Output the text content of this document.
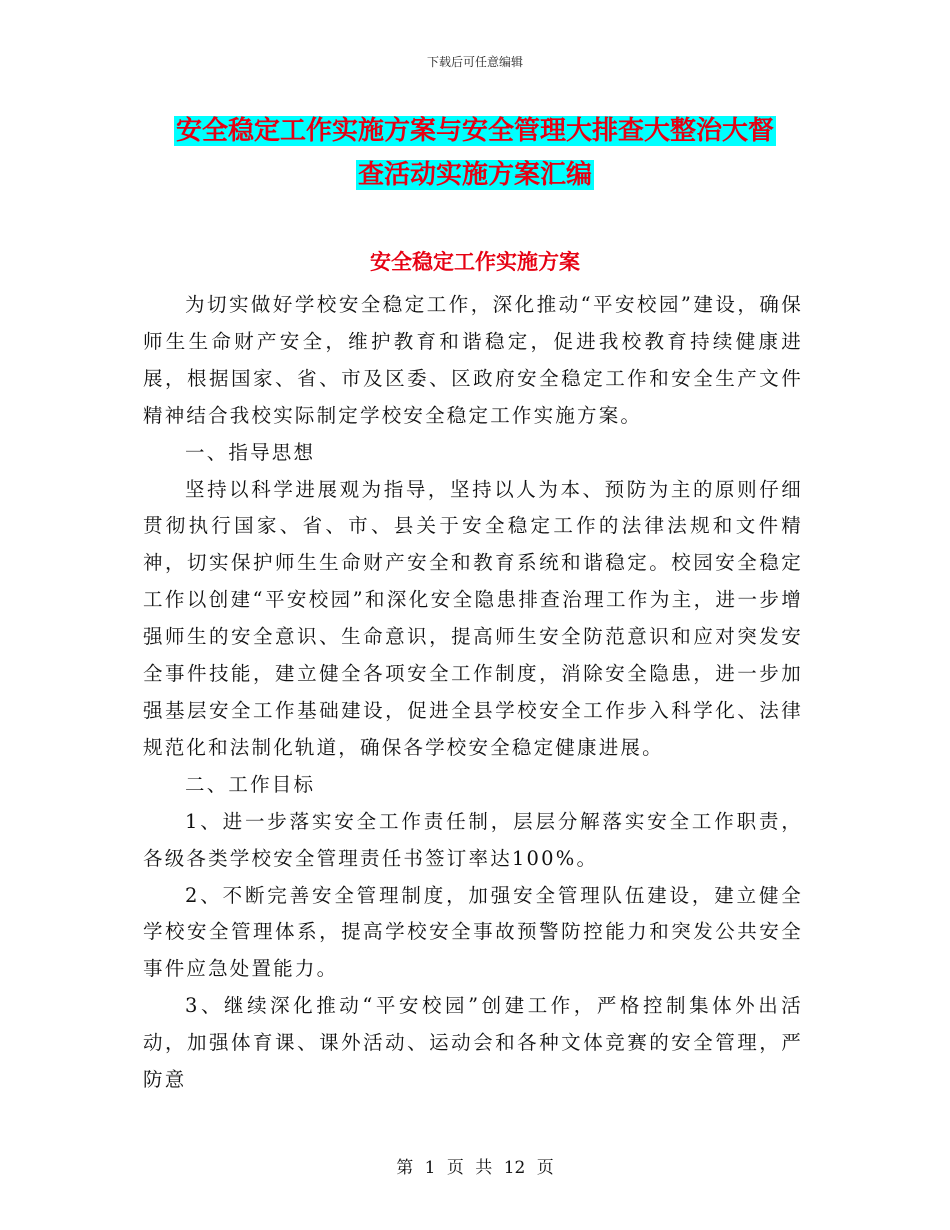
下载后可任意编辑
安全稳定工作实施方案与安全管理大排查大整治大督
查活动实施方案汇编
安全稳定工作实施方案

为切实做好学校安全稳定工作，深化推动“平安校园”建设，确保师生生命财产安全，维护教育和谐稳定，促进我校教育持续健康进展，根据国家、省、市及区委、区政府安全稳定工作和安全生产文件精神结合我校实际制定学校安全稳定工作实施方案。

一、指导思想

坚持以科学进展观为指导，坚持以人为本、预防为主的原则仔细贯彻执行国家、省、市、县关于安全稳定工作的法律法规和文件精神，切实保护师生生命财产安全和教育系统和谐稳定。校园安全稳定工作以创建“平安校园”和深化安全隐患排查治理工作为主，进一步增强师生的安全意识、生命意识，提高师生安全防范意识和应对突发安全事件技能，建立健全各项安全工作制度，消除安全隐患，进一步加强基层安全工作基础建设，促进全县学校安全工作步入科学化、法律规范化和法制化轨道，确保各学校安全稳定健康进展。

二、工作目标

1、进一步落实安全工作责任制，层层分解落实安全工作职责，各级各类学校安全管理责任书签订率达100%。

2、不断完善安全管理制度，加强安全管理队伍建设，建立健全学校安全管理体系，提高学校安全事故预警防控能力和突发公共安全事件应急处置能力。

3、继续深化推动“平安校园”创建工作，严格控制集体外出活动，加强体育课、课外活动、运动会和各种文体竞赛的安全管理，严防意

第 1 页 共 12 页
